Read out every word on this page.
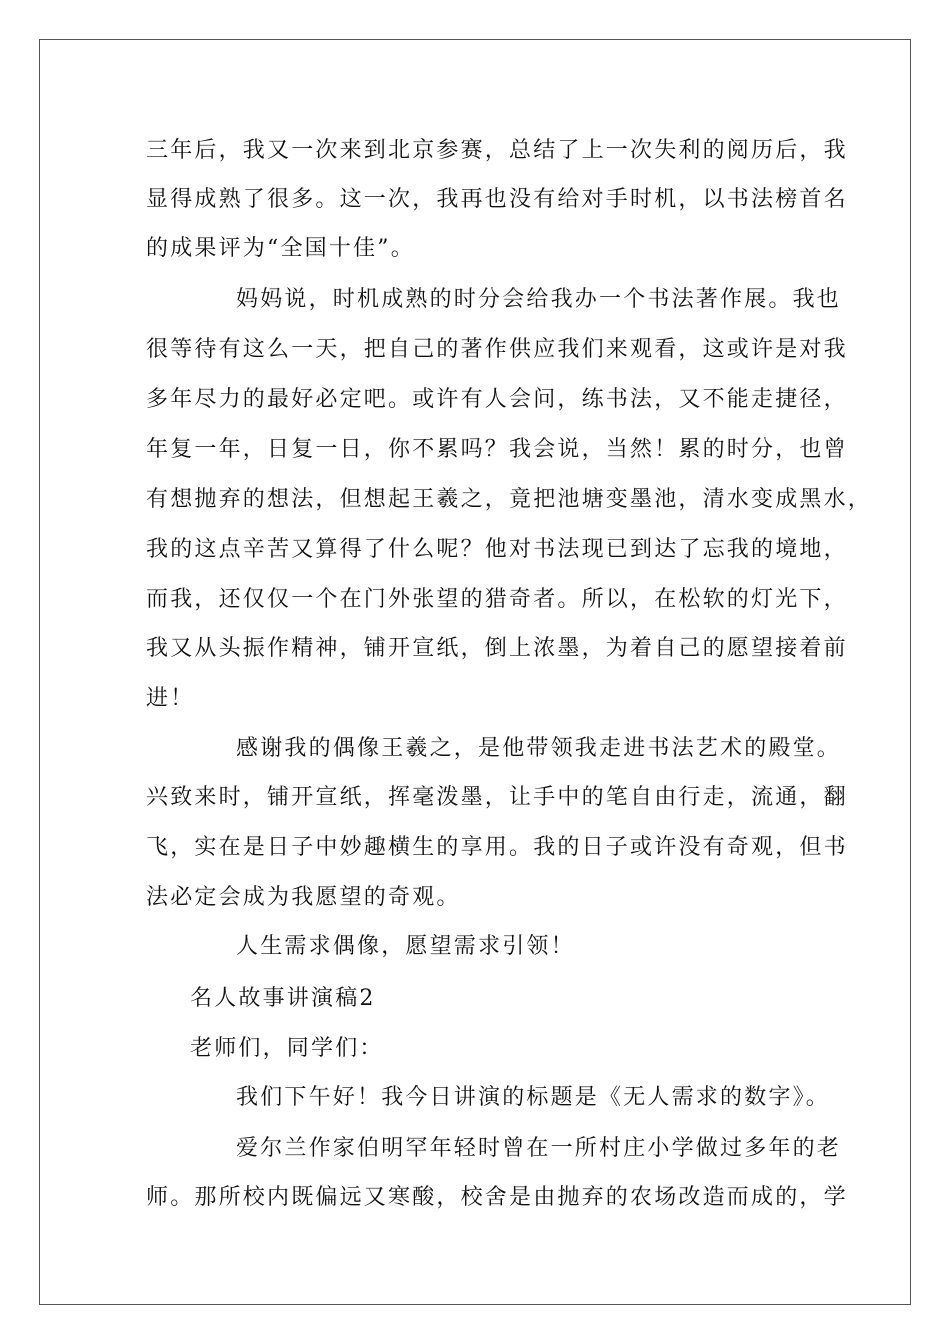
三年后，我又一次来到北京参赛，总结了上一次失利的阅历后，我
显得成熟了很多。这一次，我再也没有给对手时机，以书法榜首名
的成果评为“全国十佳”。
妈妈说，时机成熟的时分会给我办一个书法著作展。我也
很等待有这么一天，把自己的著作供应我们来观看，这或许是对我
多年尽力的最好必定吧。或许有人会问，练书法，又不能走捷径，
年复一年，日复一日，你不累吗？我会说，当然！累的时分，也曾
有想抛弃的想法，但想起王羲之，竟把池塘变墨池，清水变成黑水，
我的这点辛苦又算得了什么呢？他对书法现已到达了忘我的境地，
而我，还仅仅一个在门外张望的猎奇者。所以，在松软的灯光下，
我又从头振作精神，铺开宣纸，倒上浓墨，为着自己的愿望接着前
进！
感谢我的偶像王羲之，是他带领我走进书法艺术的殿堂。
兴致来时，铺开宣纸，挥毫泼墨，让手中的笔自由行走，流通，翻
飞，实在是日子中妙趣横生的享用。我的日子或许没有奇观，但书
法必定会成为我愿望的奇观。
人生需求偶像，愿望需求引领！
名人故事讲演稿2
老师们，同学们：
我们下午好！我今日讲演的标题是《无人需求的数字》。
爱尔兰作家伯明罕年轻时曾在一所村庄小学做过多年的老
师。那所校内既偏远又寒酸，校舍是由抛弃的农场改造而成的，学
